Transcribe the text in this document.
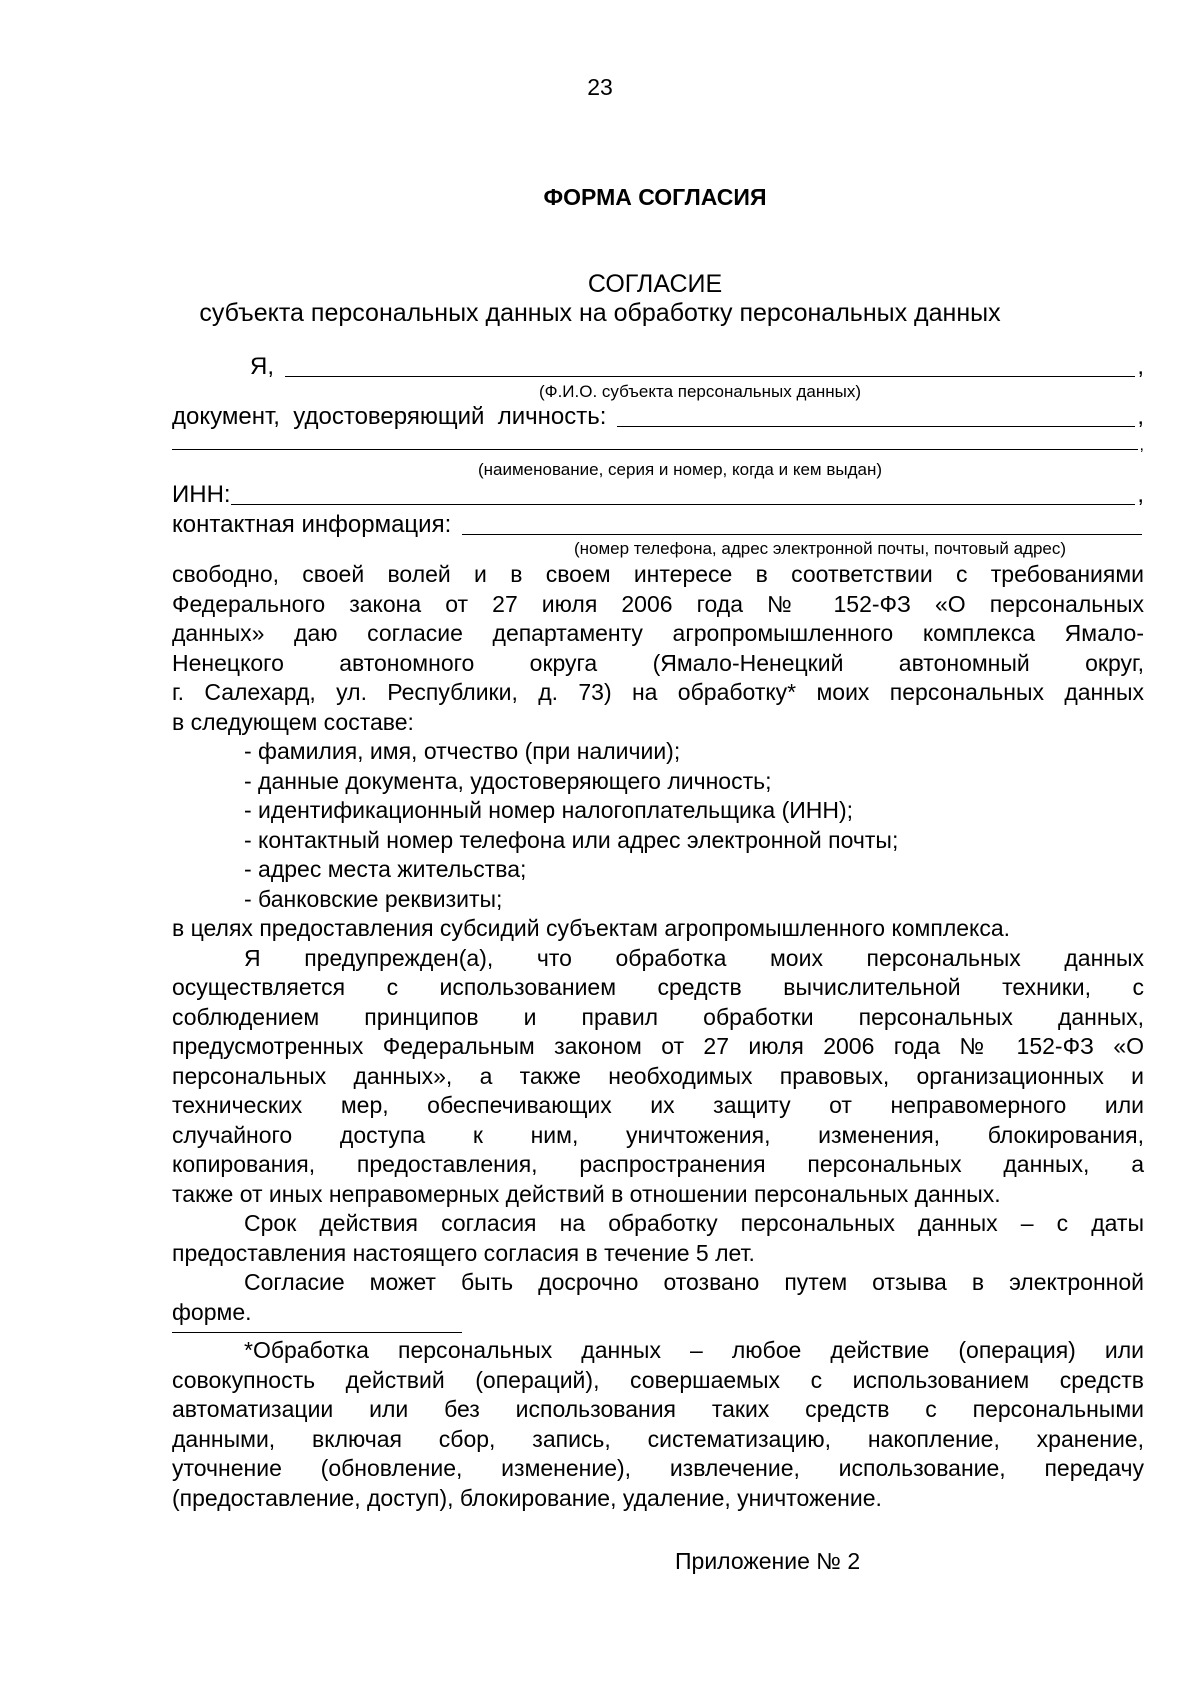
23
ФОРМА СОГЛАСИЯ
СОГЛАСИЕ
субъекта персональных данных на обработку персональных данных
Я,	,
(Ф.И.О. субъекта персональных данных)
документ,  удостоверяющий  личность:	,
,
(наименование, серия и номер, когда и кем выдан)
ИНН:	,
контактная информация:
(номер телефона, адрес электронной почты, почтовый адрес)
свободно, своей волей и в своем интересе в соответствии с требованиями
Федерального закона от 27 июля 2006 года № 152-ФЗ «О персональных
данных» даю согласие департаменту агропромышленного комплекса Ямало-
Ненецкого автономного округа (Ямало-Ненецкий автономный округ,
г. Салехард, ул. Республики, д. 73) на обработку* моих персональных данных
в следующем составе:
- фамилия, имя, отчество (при наличии);
- данные документа, удостоверяющего личность;
- идентификационный номер налогоплательщика (ИНН);
- контактный номер телефона или адрес электронной почты;
- адрес места жительства;
- банковские реквизиты;
в целях предоставления субсидий субъектам агропромышленного комплекса.
Я предупрежден(а), что обработка моих персональных данных
осуществляется с использованием средств вычислительной техники, с
соблюдением принципов и правил обработки персональных данных,
предусмотренных Федеральным законом от 27 июля 2006 года № 152-ФЗ «О
персональных данных», а также необходимых правовых, организационных и
технических мер, обеспечивающих их защиту от неправомерного или
случайного доступа к ним, уничтожения, изменения, блокирования,
копирования, предоставления, распространения персональных данных, а
также от иных неправомерных действий в отношении персональных данных.
Срок действия согласия на обработку персональных данных – с даты
предоставления настоящего согласия в течение 5 лет.
Согласие может быть досрочно отозвано путем отзыва в электронной
форме.
*Обработка персональных данных – любое действие (операция) или
совокупность действий (операций), совершаемых с использованием средств
автоматизации или без использования таких средств с персональными
данными, включая сбор, запись, систематизацию, накопление, хранение,
уточнение (обновление, изменение), извлечение, использование, передачу
(предоставление, доступ), блокирование, удаление, уничтожение.
Приложение № 2
